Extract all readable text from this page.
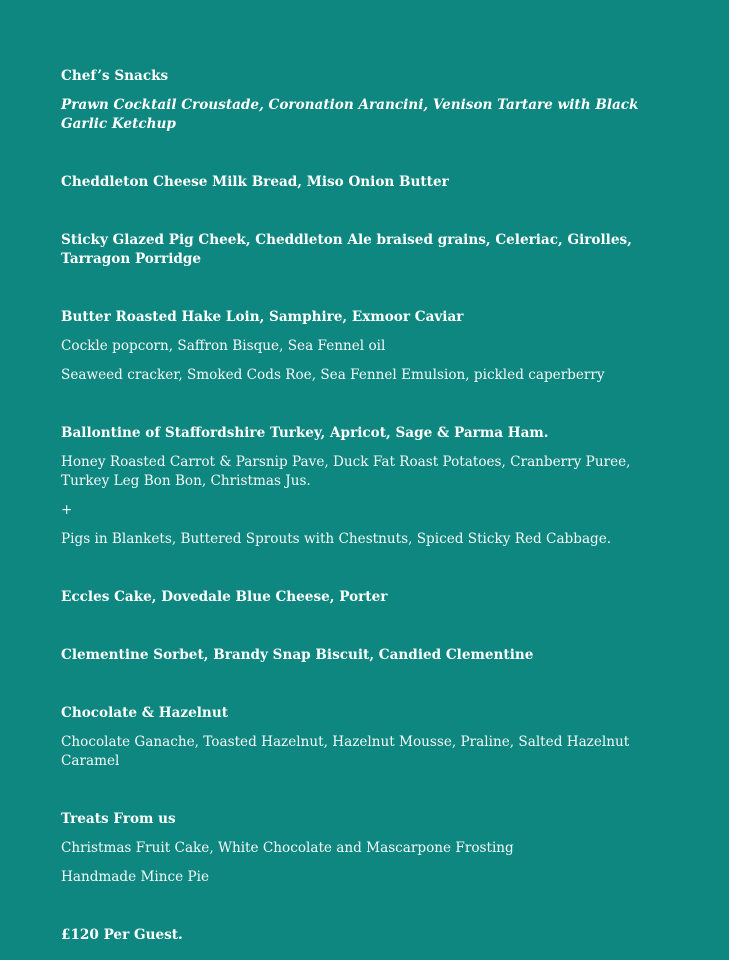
Chef’s Snacks

Prawn Cocktail Croustade, Coronation Arancini, Venison Tartare with Black Garlic Ketchup

Cheddleton Cheese Milk Bread, Miso Onion Butter

Sticky Glazed Pig Cheek, Cheddleton Ale braised grains, Celeriac, Girolles, Tarragon Porridge

Butter Roasted Hake Loin, Samphire, Exmoor Caviar

Cockle popcorn, Saffron Bisque, Sea Fennel oil

Seaweed cracker, Smoked Cods Roe, Sea Fennel Emulsion, pickled caperberry

Ballontine of Staffordshire Turkey, Apricot, Sage & Parma Ham.

Honey Roasted Carrot & Parsnip Pave, Duck Fat Roast Potatoes, Cranberry Puree, Turkey Leg Bon Bon, Christmas Jus.

+

Pigs in Blankets, Buttered Sprouts with Chestnuts, Spiced Sticky Red Cabbage.

Eccles Cake, Dovedale Blue Cheese, Porter

Clementine Sorbet, Brandy Snap Biscuit, Candied Clementine

Chocolate & Hazelnut

Chocolate Ganache, Toasted Hazelnut, Hazelnut Mousse, Praline, Salted Hazelnut Caramel

Treats From us

Christmas Fruit Cake, White Chocolate and Mascarpone Frosting

Handmade Mince Pie

£120 Per Guest.
